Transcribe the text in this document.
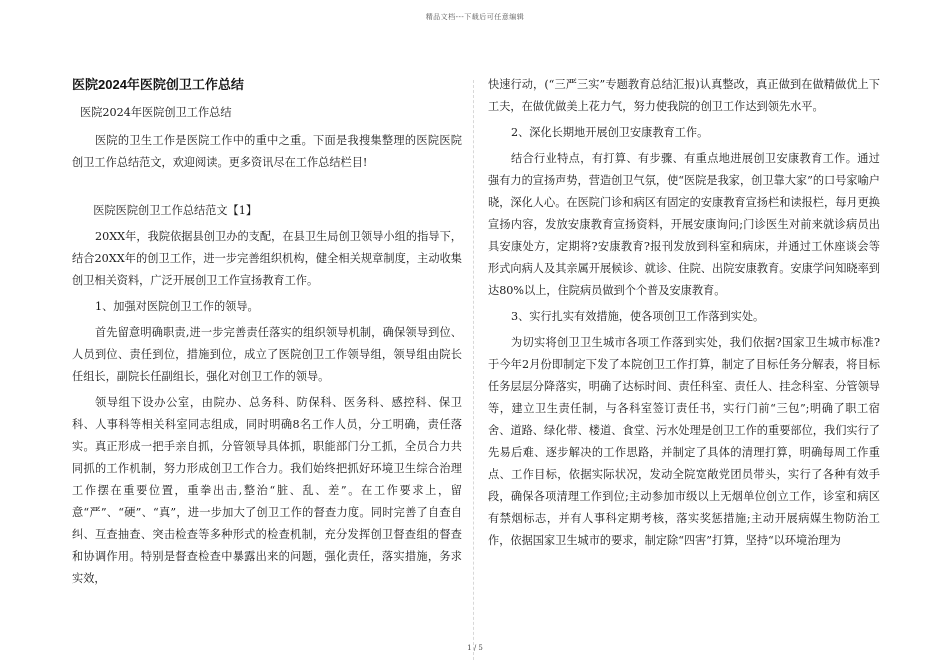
精品文档---下载后可任意编辑
医院2024年医院创卫工作总结

医院2024年医院创卫工作总结

医院的卫生工作是医院工作中的重中之重。下面是我搜集整理的医院医院创卫工作总结范文，欢迎阅读。更多资讯尽在工作总结栏目!

医院医院创卫工作总结范文【1】

20XX年，我院依据县创卫办的支配，在县卫生局创卫领导小组的指导下，结合20XX年的创卫工作，进一步完善组织机构，健全相关规章制度，主动收集创卫相关资料，广泛开展创卫工作宣扬教育工作。

1、加强对医院创卫工作的领导。

首先留意明确职责,进一步完善责任落实的组织领导机制，确保领导到位、人员到位、责任到位，措施到位，成立了医院创卫工作领导组，领导组由院长任组长，副院长任副组长，强化对创卫工作的领导。

领导组下设办公室，由院办、总务科、防保科、医务科、感控科、保卫科、人事科等相关科室同志组成，同时明确8名工作人员，分工明确，责任落实。真正形成一把手亲自抓，分管领导具体抓，职能部门分工抓，全员合力共同抓的工作机制，努力形成创卫工作合力。我们始终把抓好环境卫生综合治理工作摆在重要位置，重拳出击,整治“脏、乱、差”。在工作要求上，留意“严”、“硬”、“真”，进一步加大了创卫工作的督查力度。同时完善了自查自纠、互查抽查、突击检查等多种形式的检查机制，充分发挥创卫督查组的督查和协调作用。特别是督查检查中暴露出来的问题，强化责任，落实措施，务求实效，

快速行动，(“三严三实”专题教育总结汇报)认真整改，真正做到在做精做优上下工夫，在做优做美上花力气，努力使我院的创卫工作达到领先水平。

2、深化长期地开展创卫安康教育工作。

结合行业特点，有打算、有步骤、有重点地进展创卫安康教育工作。通过强有力的宣扬声势，营造创卫气氛，使“医院是我家，创卫靠大家”的口号家喻户晓，深化人心。在医院门诊和病区有固定的安康教育宣扬栏和读报栏，每月更换宣扬内容，发放安康教育宣扬资料，开展安康询问;门诊医生对前来就诊病员出具安康处方，定期将?安康教育?报刊发放到科室和病床，并通过工休座谈会等形式向病人及其亲属开展候诊、就诊、住院、出院安康教育。安康学问知晓率到达80%以上，住院病员做到个个普及安康教育。

3、实行扎实有效措施，使各项创卫工作落到实处。

为切实将创卫卫生城市各项工作落到实处，我们依据?国家卫生城市标准?于今年2月份即制定下发了本院创卫工作打算，制定了目标任务分解表，将目标任务层层分降落实，明确了达标时间、责任科室、责任人、挂念科室、分管领导等，建立卫生责任制，与各科室签订责任书，实行门前“三包”;明确了职工宿舍、道路、绿化带、楼道、食堂、污水处理是创卫工作的重要部位，我们实行了先易后难、逐步解决的工作思路，并制定了具体的清理打算，明确每周工作重点、工作目标，依据实际状况，发动全院宽敞党团员带头，实行了各种有效手段，确保各项清理工作到位;主动参加市级以上无烟单位创立工作，诊室和病区有禁烟标志，并有人事科定期考核，落实奖惩措施;主动开展病媒生物防治工作，依据国家卫生城市的要求，制定除“四害”打算，坚持“以环境治理为

1 / 5
